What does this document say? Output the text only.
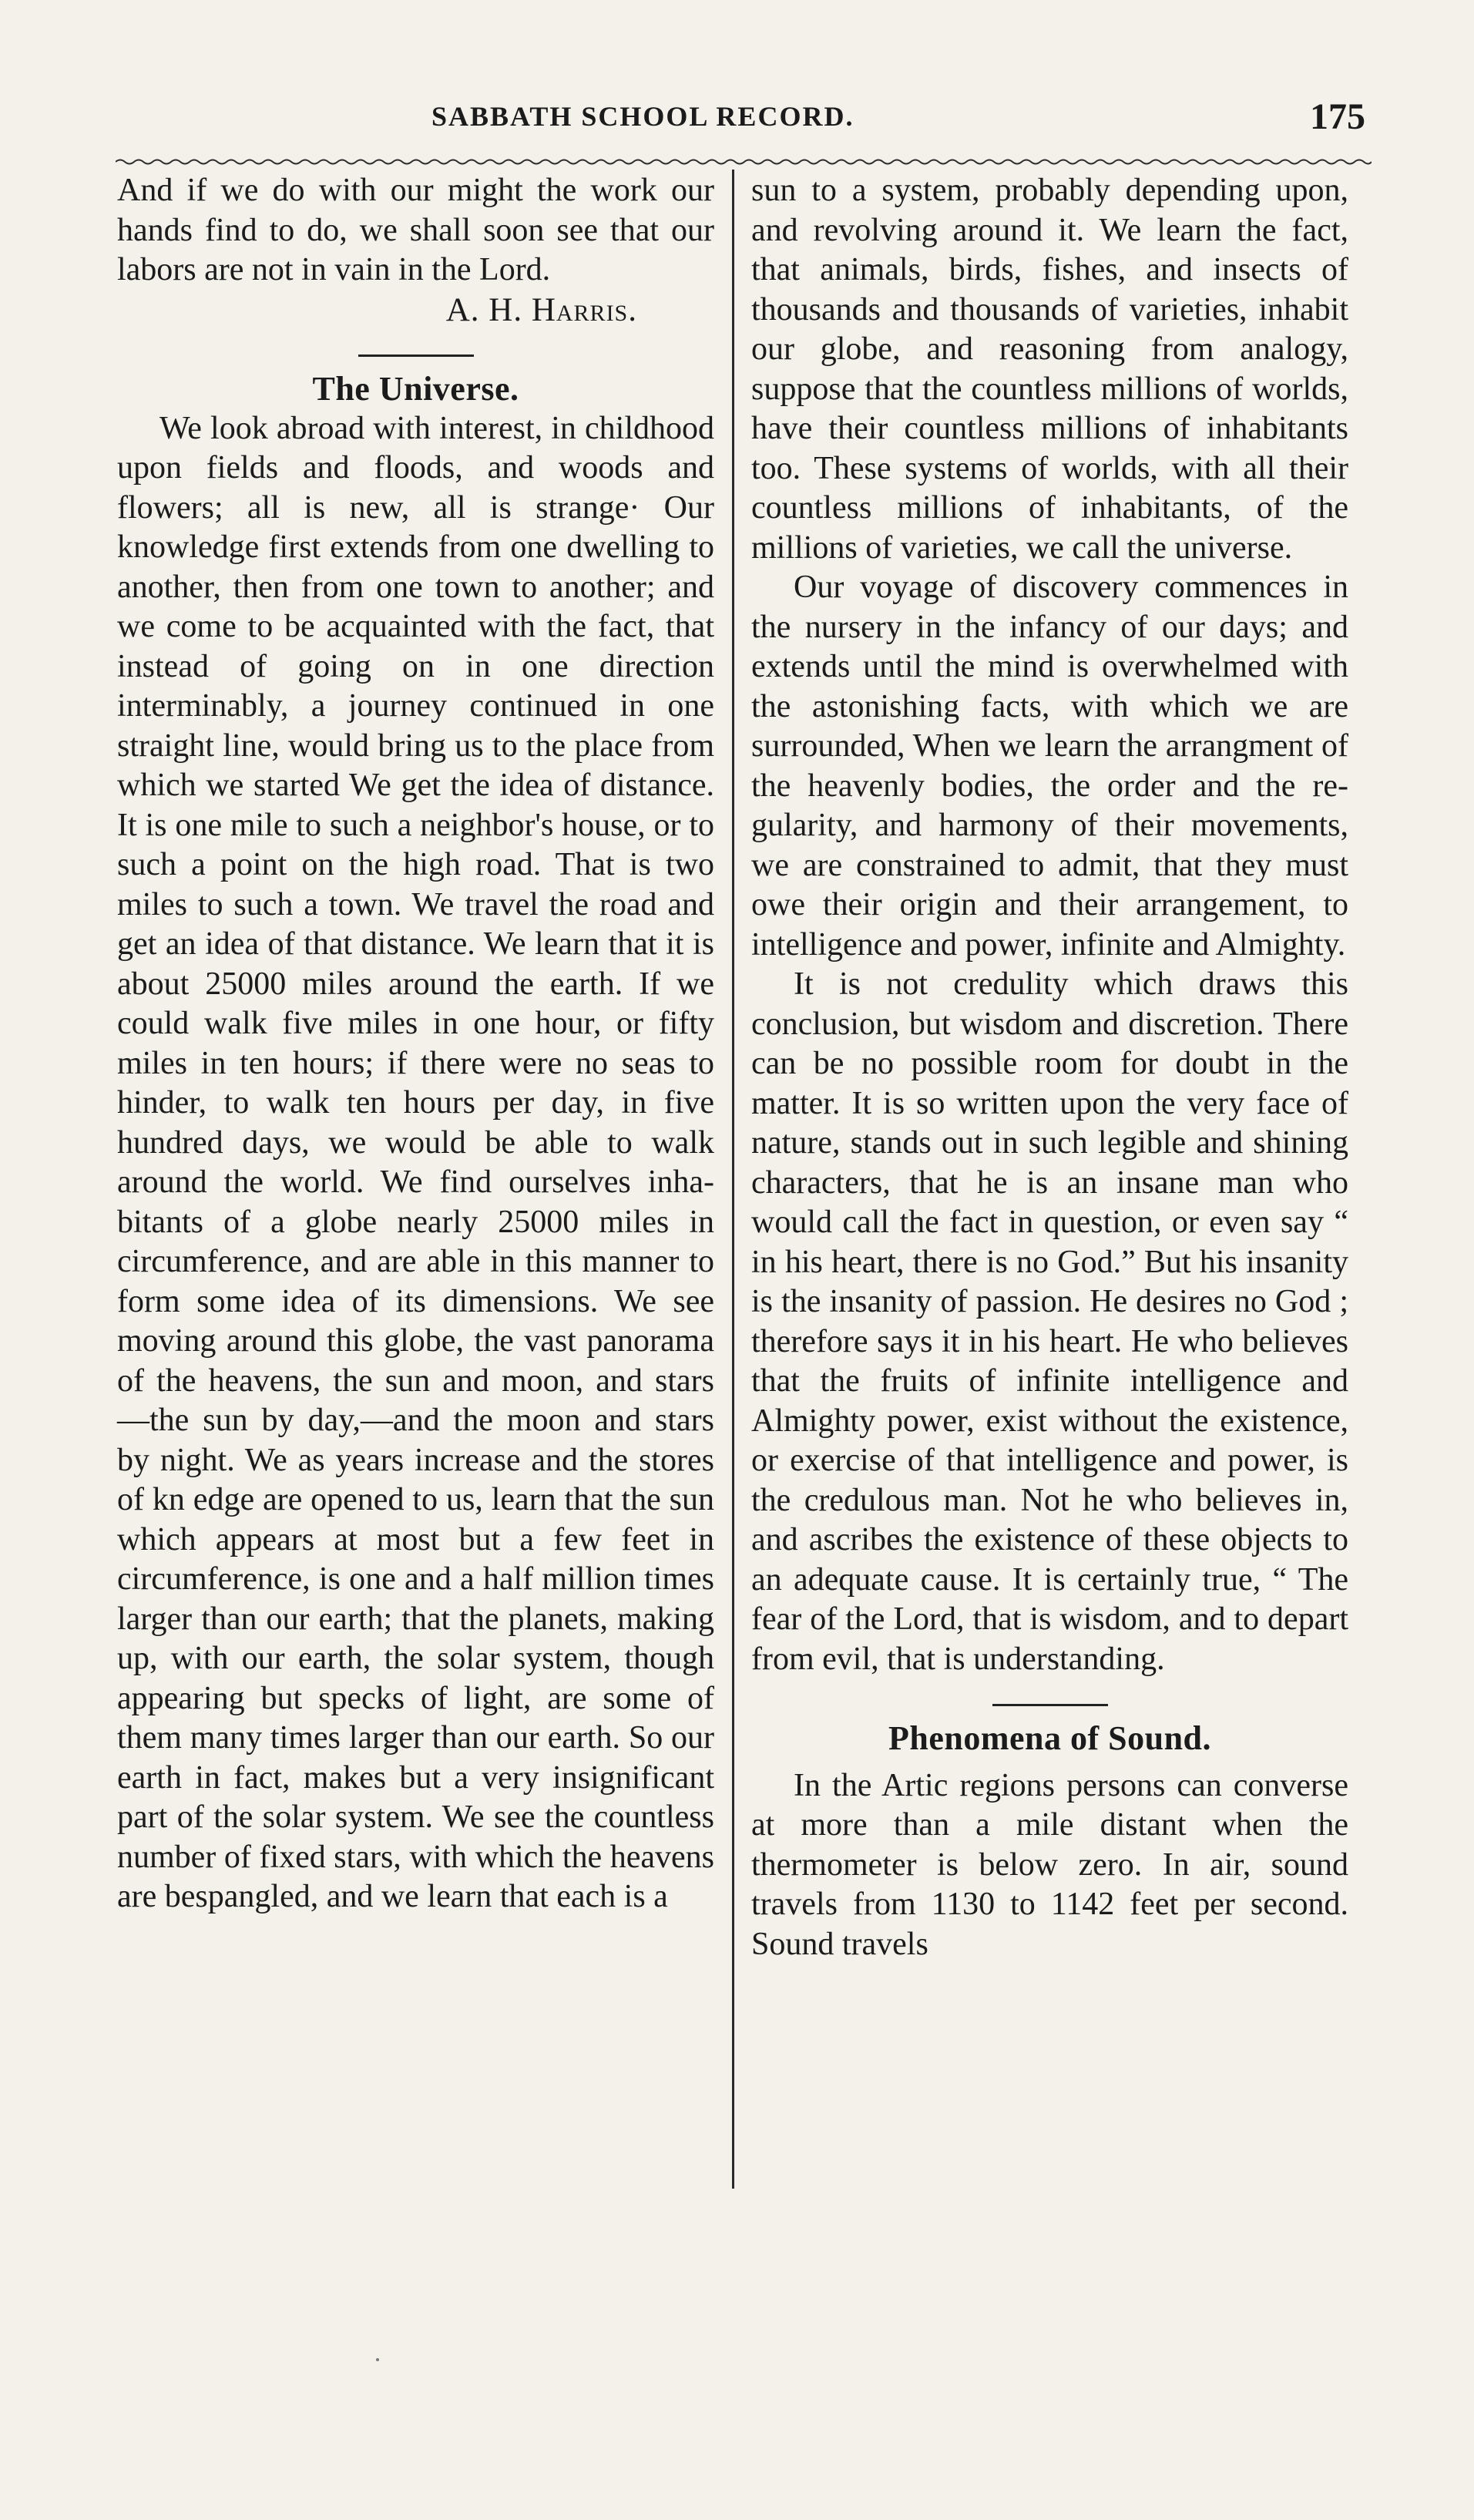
SABBATH SCHOOL RECORD.	175

And if we do with our might the work our hands find to do, we shall soon see that our labors are not in vain in the Lord.

A. H. Harris.

The Universe.

We look abroad with interest, in childhood upon fields and floods, and woods and flowers; all is new, all is strange· Our knowledge first extends from one dwelling to another, then from one town to another; and we come to be acquainted with the fact, that instead of going on in one direction interminably, a journey continued in one straight line, would bring us to the place from which we started We get the idea of distance. It is one mile to such a neighbor's house, or to such a point on the high road. That is two miles to such a town. We travel the road and get an idea of that distance. We learn that it is about 25000 miles around the earth. If we could walk five miles in one hour, or fifty miles in ten hours; if there were no seas to hinder, to walk ten hours per day, in five hundred days, we would be able to walk around the world. We find ourselves inhabitants of a globe nearly 25000 miles in circumference, and are able in this manner to form some idea of its dimensions. We see moving around this globe, the vast panorama of the heavens, the sun and moon, and stars —the sun by day,—and the moon and stars by night. We as years increase and the stores of kn edge are opened to us, learn that the sun which appears at most but a few feet in circumference, is one and a half million times larger than our earth; that the planets, making up, with our earth, the solar system, though appearing but specks of light, are some of them many times larger than our earth. So our earth in fact, makes but a very insignificant part of the solar system. We see the countless number of fixed stars, with which the heavens are bespangled, and we learn that each is a

sun to a system, probably depending upon, and revolving around it. We learn the fact, that animals, birds, fishes, and insects of thousands and thousands of varieties, inhabit our globe, and reasoning from analogy, suppose that the countless millions of worlds, have their countless millions of inhabitants too. These systems of worlds, with all their countless millions of inhabitants, of the millions of varieties, we call the universe.

Our voyage of discovery commences in the nursery in the infancy of our days; and extends until the mind is overwhelmed with the astonishing facts, with which we are surrounded, When we learn the arrangment of the heavenly bodies, the order and the regularity, and harmony of their movements, we are constrained to admit, that they must owe their origin and their arrangement, to intelligence and power, infinite and Almighty.

It is not credulity which draws this conclusion, but wisdom and discretion. There can be no possible room for doubt in the matter. It is so written upon the very face of nature, stands out in such legible and shining characters, that he is an insane man who would call the fact in question, or even say “ in his heart, there is no God.” But his insanity is the insanity of passion. He desires no God ; therefore says it in his heart. He who believes that the fruits of infinite intelligence and Almighty power, exist without the existence, or exercise of that intelligence and power, is the credulous man. Not he who believes in, and ascribes the existence of these objects to an adequate cause. It is certainly true, “ The fear of the Lord, that is wisdom, and to depart from evil, that is understanding.

Phenomena of Sound.

In the Artic regions persons can converse at more than a mile distant when the thermometer is below zero. In air, sound travels from 1130 to 1142 feet per second. Sound travels
